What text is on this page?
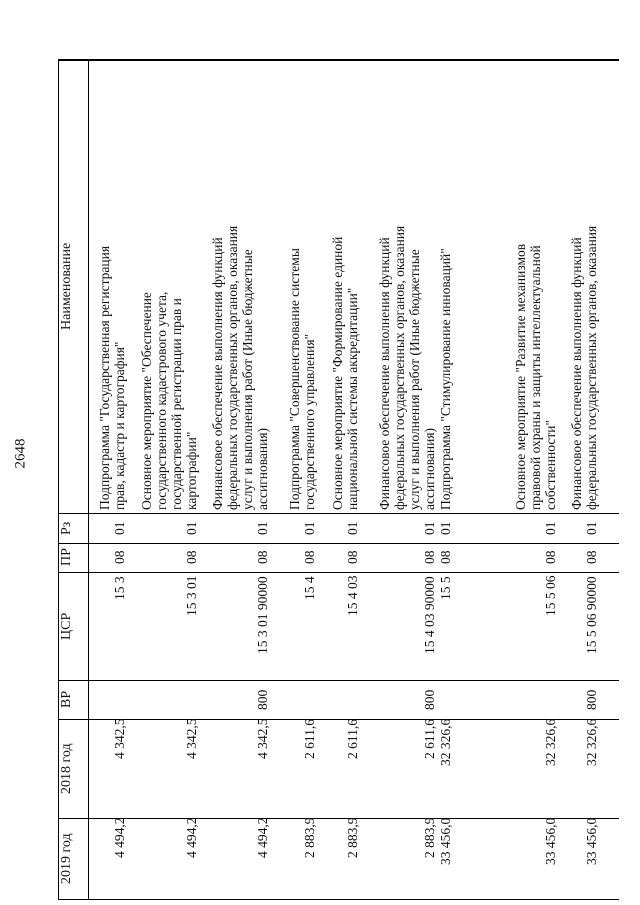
2648
Наименование
Рз
ПР
ЦСР
ВР
2018 год
2019 год
Подпрограмма "Государственная регистрация прав, кадастр и картография"
01
08
15 3
4 342,5
4 494,2
Основное мероприятие "Обеспечение государственного кадастрового учета, государственной регистрации прав и картографии"
01
08
15 3 01
4 342,5
4 494,2
Финансовое обеспечение выполнения функций федеральных государственных органов, оказания услуг и выполнения работ (Иные бюджетные ассигнования)
01
08
15 3 01 90000
800
4 342,5
4 494,2
Подпрограмма "Совершенствование системы государственного управления"
01
08
15 4
2 611,6
2 883,9
Основное мероприятие "Формирование единой национальной системы аккредитации"
01
08
15 4 03
2 611,6
2 883,9
Финансовое обеспечение выполнения функций федеральных государственных органов, оказания услуг и выполнения работ (Иные бюджетные ассигнования)
01
08
15 4 03 90000
800
2 611,6
2 883,9
Подпрограмма "Стимулирование инноваций"
01
08
15 5
32 326,6
33 456,0
Основное мероприятие "Развитие механизмов правовой охраны и защиты интеллектуальной собственности"
01
08
15 5 06
32 326,6
33 456,0
Финансовое обеспечение выполнения функций федеральных государственных органов, оказания
01
08
15 5 06 90000
800
32 326,6
33 456,0
